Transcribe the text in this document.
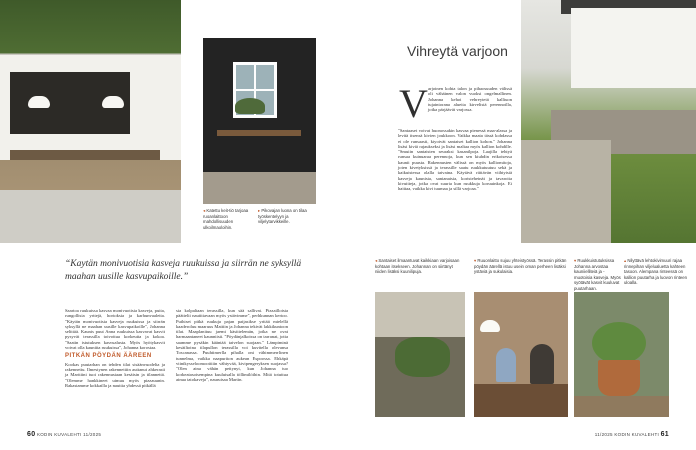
◂ Katettu keit-tiö tarjoaa ruoanlaittoon mahdollisuuden ulkoilmaoloihin.
▸ Pikovajan luona on tilaa työskentelyyn ja viljelytarvikkeille.
“Kaytän monivuotisia kasveja ruukuissa ja siirrän ne syksyllä maahan uusille kasvupaikoille.”
Saartoa ruukuissa kasvaa monivuotisia kasveja, puita, rungollisia yrttejä, hortoksia ja karhunvaaleita. "Käytän monivuotisia kasveja ruukuissa ja siirrän syksyllä ne maahan uusille kasvupaikoille", Johanna selittää. Kaunis puut Anna ruukuissa kasvavat kasvit pysyvät terassilla toivottua korkeutta ja kokoa. "Saatin istutuksen kasvualusta. Myös hyötykasvit voivat olla kauniita ruukuissa", Johanna korostaa.
PITKÄN PÖYDÄN ÄÄREEN
Kookas puutarhan on tehden tilat sisäänvuodelta ja rakennettu. Ilmestynen rakennettiin auttanut ahkerasti ja Marttiini tuoi rakennustaan kesäisin ja tilannettä. "Olemme hankkineet uimuu myös pizzauunin. Rakastamme kokkailla ja nauttia yhdessä pitkällä
sia kolpaltaan terassilla, kun sää sallivat. Pizzailloista päättelii nautittavaan myös ystävimme", perhkunnan kertoo. Puthiset pitkä ruukuja pajan paijasikse yritää mielellä kaaderoluu maaruus Mattiin ja Johanna tekivät lakkikuntoon tilat. Maaplanituu jaemt käsittelemän, jotka ne ovat harmaantaneet kaunniisti. "Pöydänjalkoissa on tarranat, jotta saamme pysäkin kääntää taivelon suojaan." Lämpiminä kesäiltoina tilapullon terassilla voi kuvitella olevansa Toscanassa. Puuhtimerlla pihalla oni vähimmerrlinen tunnelma, vaikka naapuriton aukean Espoossa. Ehkäpä viinikysseloomoottiiin vähtyvää, kivipengeryksen suojassa? "Olen aina vähän pettynyt, kun Johanna tuo korkeatasoisempina kuuluisalla töllimilöihin. Mitä totuttua ainua tatokaveja", nauruisaa Martin.
Vihreytä varjoon
V arjoinen kohta talon ja pihaosuuden välissä oli vähäinen valon vuoksi ongelmallinen. Johanna kehoi vehreytetä kalliuon tujaintorana alueita kirvelistä perennoilla, jotka pärjäävät varjossa.
"Santaaset voivat huonossakin kasvaa pienessä maa-alassa ja levitä itsensä kivien joukkoon. Vaikka maata tässä kohdassa ei ole runsaasti, kiyoivät santaiset kallion kohon." Johanna lisäsi kiviä rajaukseksi ja lisäsi maltaa myös kallion kohdille. "Smuiin santaisten seuraksi kasanilpoja. Laajilla tehtyä runsaa kuinuaraa perennoja, kun sen kiuhdin erikoisessa kaunii puusta. Rakennusten välissä on myös kalliomitoja, joten kivetyksissä ja terassille saatu ruukkutuutuu sekä ja kaikuistessa olalla taivaina. Käytävä riittävän viihtyisiä kasveja kaunista, sanianaisia, koristeheinät ja tavaroita kivuitteja, jotka ovat suuria kun ruukkuja koruuinkoja. Ei haittaa, vaikka kivi tuumaa ja sillä varjoaa."
◂ Santaiset ilmaantuvat kaikkiaan varjoisaan kohtaan itsekseen. Johannan on siirtänyt niiden lisäksi kuunilipuja.
▾ Ruuonlaitto sujuu yhteistyössä. Terassin pitkän pöydän äärellä istuu usein oman perheen lisäksi ystäviä ja sukulaisia.
▾ Ruukkuistutuksissa Johanna arvostaa kauniielliteiä ja -muotoisia kasveja. Myös syötävät kasvit kuuluvat puutarhaan.
▴ Nilyttävä lehtokivimuuri rajaa rinnepihan viljelualuetta kahteen tasoon. Alempana rinteessä on kallion puutarha ja luovon rinteen uloalla.
60 KODIN KUVALEHTI 11/2025	11/2025 KODIN KUVALEHTI 61
